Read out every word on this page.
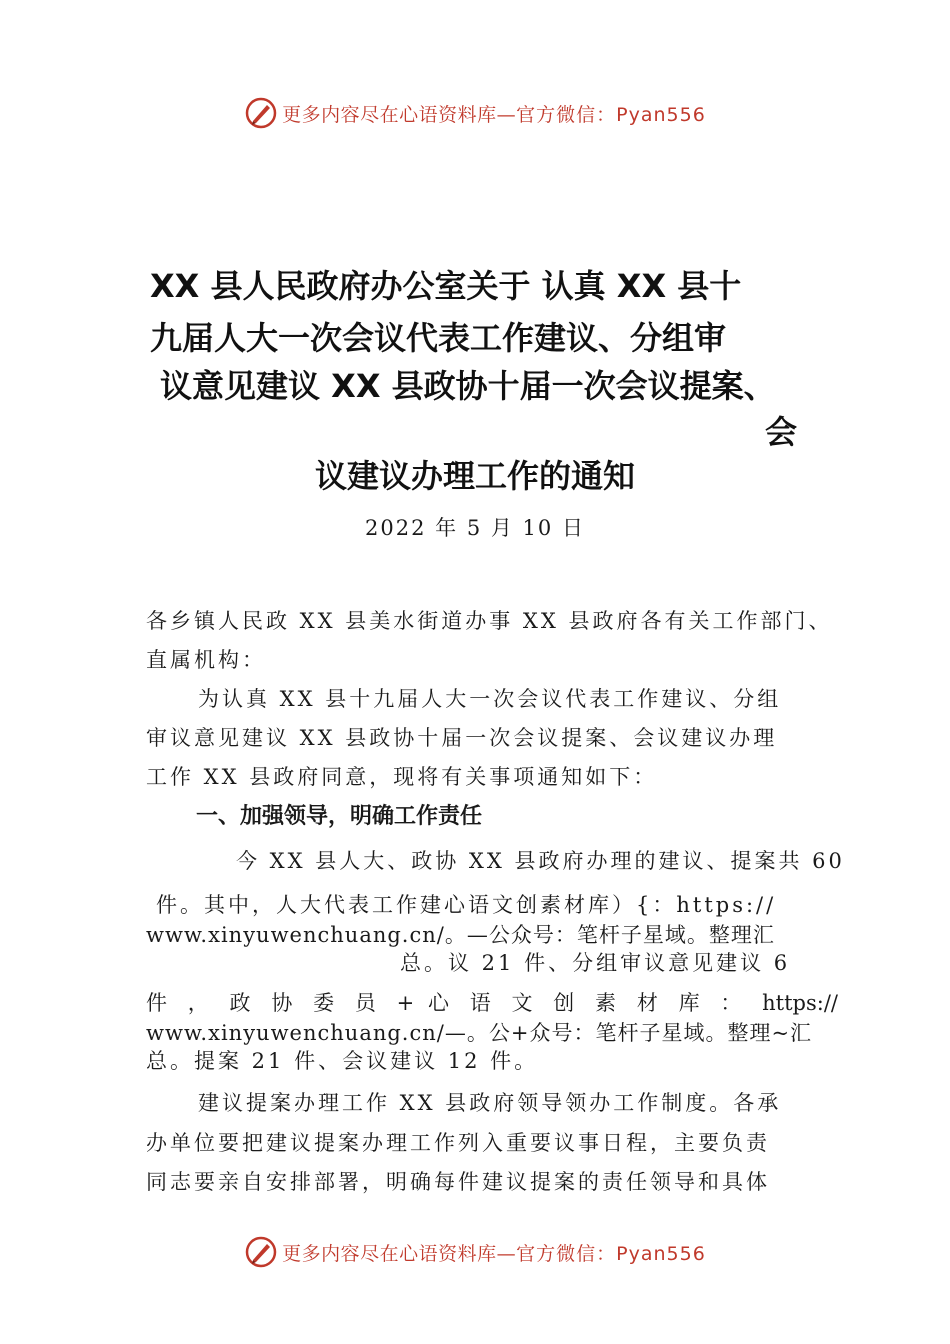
更多内容尽在心语资料库— 官方微信：Pyan556
XX 县人民政府办公室关于 认真 XX 县十
九届人大一次会议代表工作建议、分组审
议意见建议 XX 县政协十届一次会议提案、
会
议建议办理工作的通知
2022 年 5 月 10 日
各乡镇人民政 XX 县美水街道办事 XX 县政府各有关工作部门、
直属机构：
为认真 XX 县十九届人大一次会议代表工作建议、分组
审议意见建议 XX 县政协十届一次会议提案、会议建议办理
工作 XX 县政府同意，现将有关事项通知如下：
一、加强领导，明确工作责任
今 XX 县人大、政协 XX 县政府办理的建议、提案共 60
件。其中，人大代表工作建心语文创素材库）{：https://
www.xinyuwenchuang.cn/。—公众号：笔杆子星域。整理汇
总。议 21 件、分组审议意见建议 6
件 ， 政 协 委 员 + 心 语 文 创 素 材 库 ： https://
www.xinyuwenchuang.cn/—。公+众号：笔杆子星域。整理~汇
总。提案 21 件、会议建议 12 件。
建议提案办理工作 XX 县政府领导领办工作制度。各承
办单位要把建议提案办理工作列入重要议事日程，主要负责
同志要亲自安排部署，明确每件建议提案的责任领导和具体
更多内容尽在心语资料库— 官方微信：Pyan556
